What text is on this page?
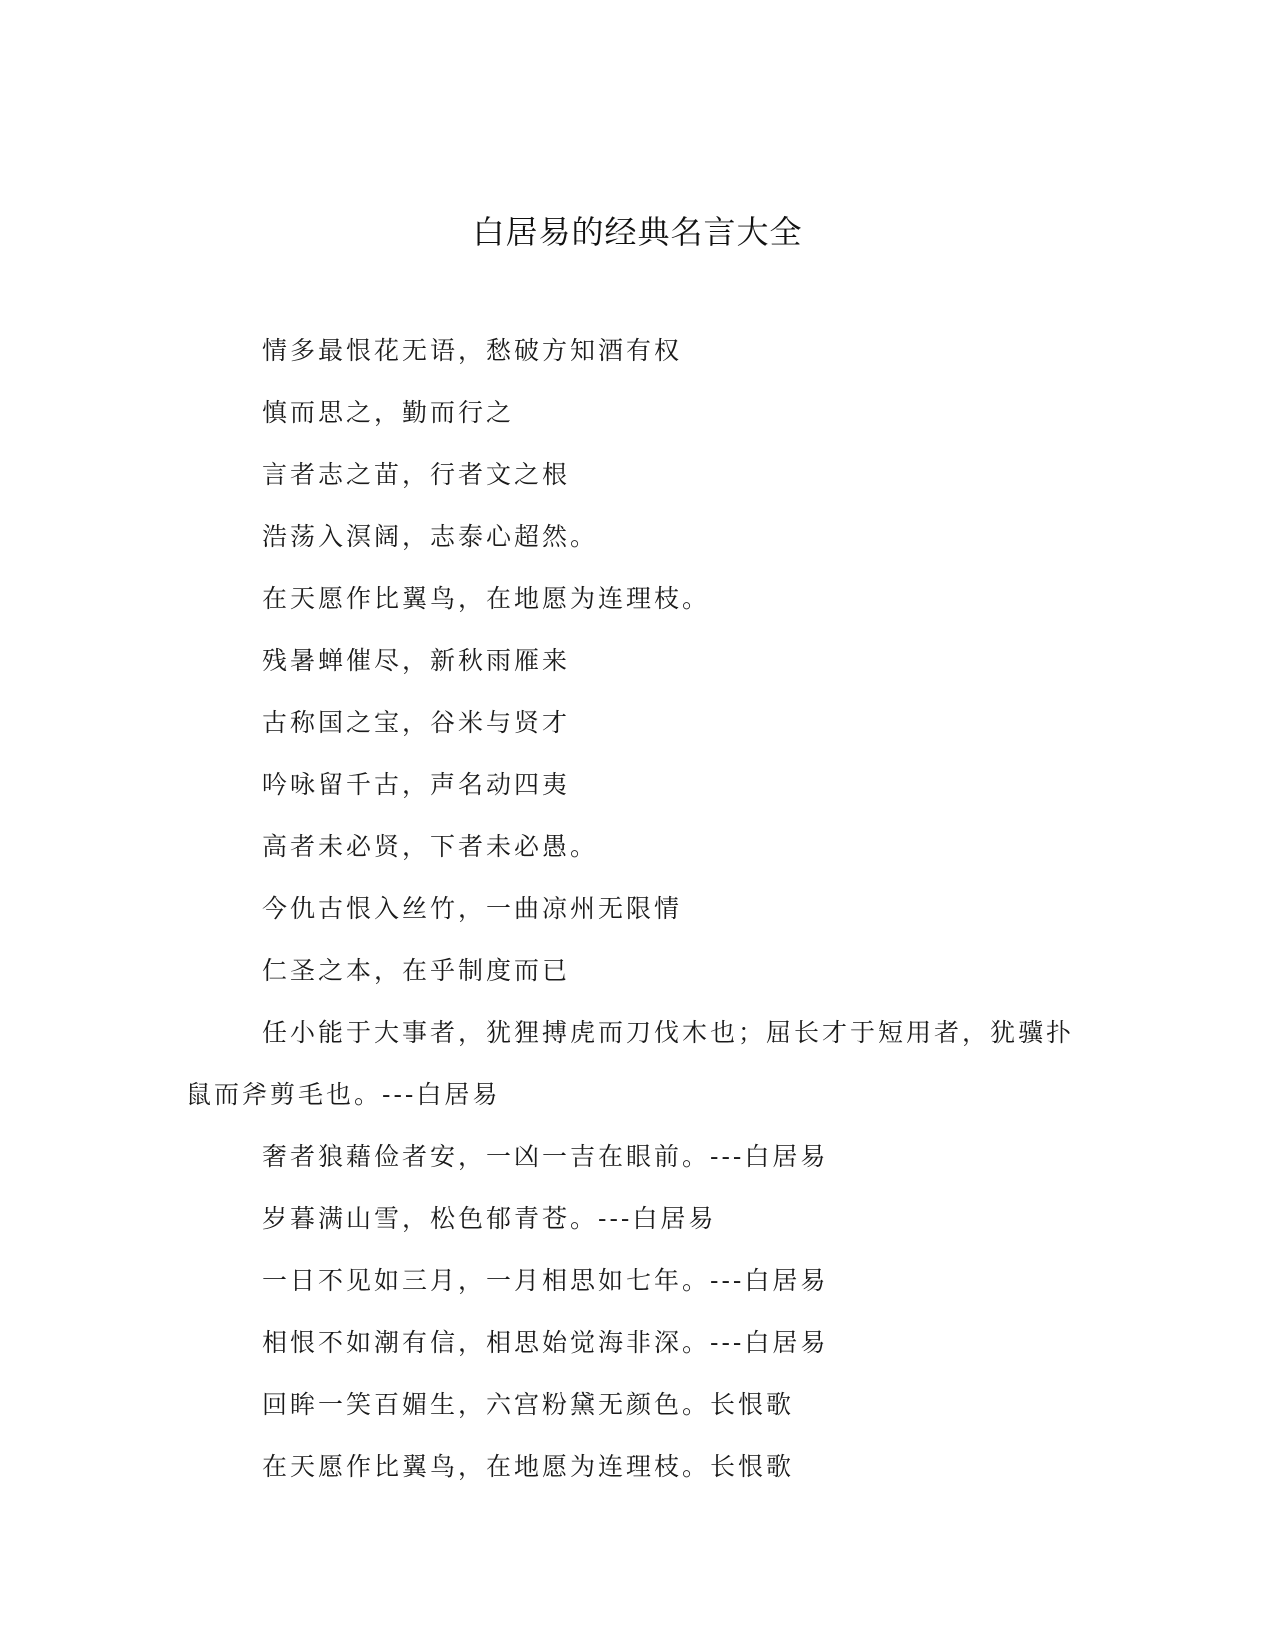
白居易的经典名言大全

情多最恨花无语，愁破方知酒有权

慎而思之，勤而行之

言者志之苗，行者文之根

浩荡入溟阔，志泰心超然。

在天愿作比翼鸟，在地愿为连理枝。

残暑蝉催尽，新秋雨雁来

古称国之宝，谷米与贤才

吟咏留千古，声名动四夷

高者未必贤，下者未必愚。

今仇古恨入丝竹，一曲凉州无限情

仁圣之本，在乎制度而已

任小能于大事者，犹狸搏虎而刀伐木也；屈长才于短用者，犹骥扑鼠而斧剪毛也。---白居易

奢者狼藉俭者安，一凶一吉在眼前。---白居易

岁暮满山雪，松色郁青苍。---白居易

一日不见如三月，一月相思如七年。---白居易

相恨不如潮有信，相思始觉海非深。---白居易

回眸一笑百媚生，六宫粉黛无颜色。长恨歌

在天愿作比翼鸟，在地愿为连理枝。长恨歌
